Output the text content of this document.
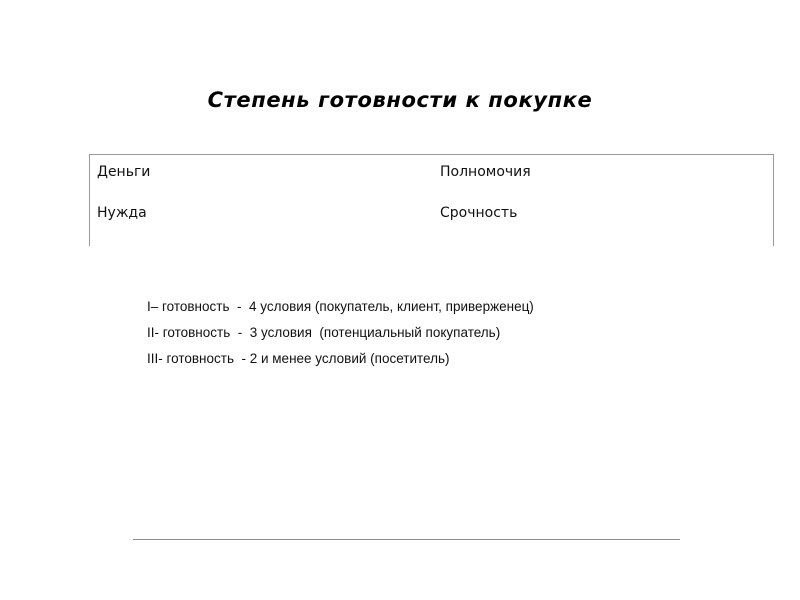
Степень готовности к покупке
Деньги	Полномочия
Нужда	Срочность
I– готовность  -  4 условия (покупатель, клиент, приверженец)
II- готовность  -  3 условия  (потенциальный покупатель)
III- готовность  - 2 и менее условий (посетитель)
